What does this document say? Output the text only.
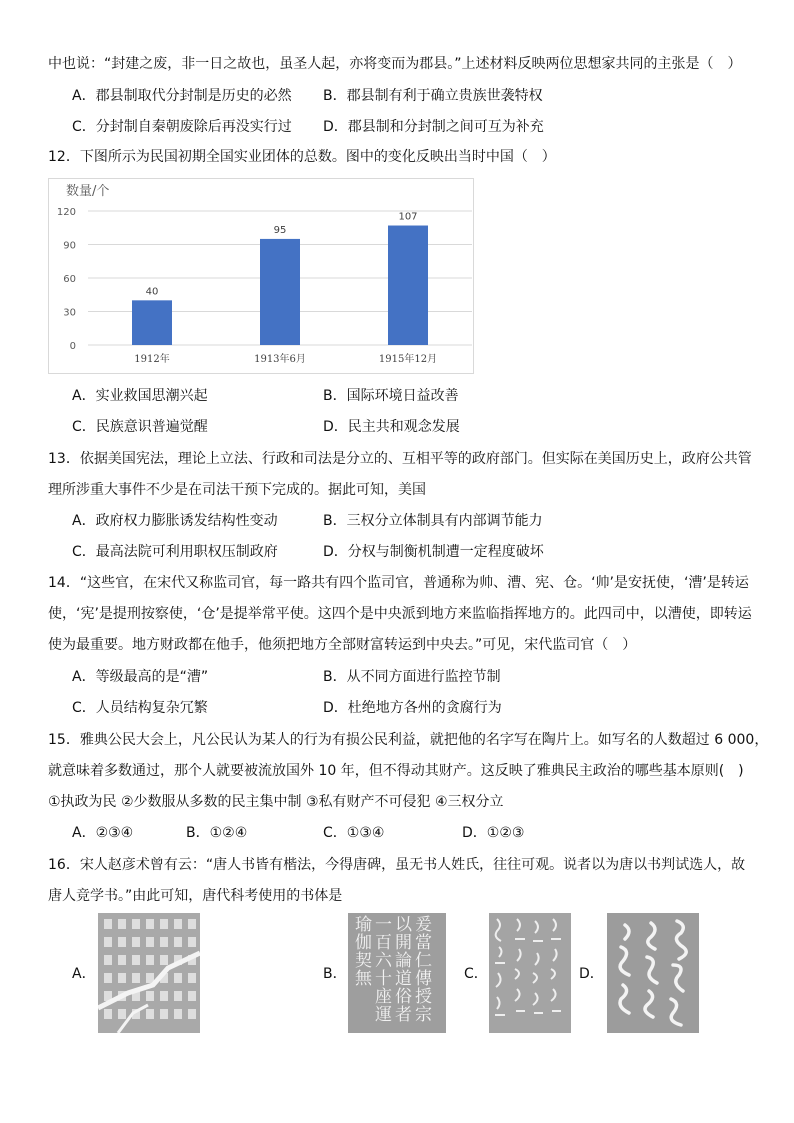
中也说：“封建之废，非一日之故也，虽圣人起，亦将变而为郡县。”上述材料反映两位思想家共同的主张是（　）
A．郡县制取代分封制是历史的必然 B．郡县制有利于确立贵族世袭特权
C．分封制自秦朝废除后再没实行过 D．郡县制和分封制之间可互为补充
12．下图所示为民国初期全国实业团体的总数。图中的变化反映出当时中国（　）
数量/个
0
30
60
90
120
40
1912年
95
1913年6月
107
1915年12月
A．实业救国思潮兴起	B．国际环境日益改善
C．民族意识普遍觉醒	D．民主共和观念发展
13．依据美国宪法，理论上立法、行政和司法是分立的、互相平等的政府部门。但实际在美国历史上，政府公共管
理所涉重大事件不少是在司法干预下完成的。据此可知，美国
A．政府权力膨胀诱发结构性变动	B．三权分立体制具有内部调节能力
C．最高法院可利用职权压制政府	D．分权与制衡机制遭一定程度破坏
14．“这些官，在宋代又称监司官，每一路共有四个监司官，普通称为帅、漕、宪、仓。‘帅’是安抚使，‘漕’是转运
使，‘宪’是提刑按察使，‘仓’是提举常平使。这四个是中央派到地方来监临指挥地方的。此四司中，以漕使，即转运
使为最重要。地方财政都在他手，他须把地方全部财富转运到中央去。”可见，宋代监司官（　）
A．等级最高的是“漕”	B．从不同方面进行监控节制
C．人员结构复杂冗繁	D．杜绝地方各州的贪腐行为
15．雅典公民大会上，凡公民认为某人的行为有损公民利益，就把他的名字写在陶片上。如写名的人数超过 6 000，
就意味着多数通过，那个人就要被流放国外 10 年，但不得动其财产。这反映了雅典民主政治的哪些基本原则(　)
①执政为民 ②少数服从多数的民主集中制 ③私有财产不可侵犯 ④三权分立
A．②③④	B．①②④	C．①③④	D．①②③
16．宋人赵彦术曾有云：“唐人书皆有楷法，今得唐碑，虽无书人姓氏，往往可观。说者以为唐以书判试选人，故
唐人竞学书。”由此可知，唐代科考使用的书体是
A．	B．	爰當仁傳授宗以開論道俗者一百六十座運瑜伽契無	C．	D．
